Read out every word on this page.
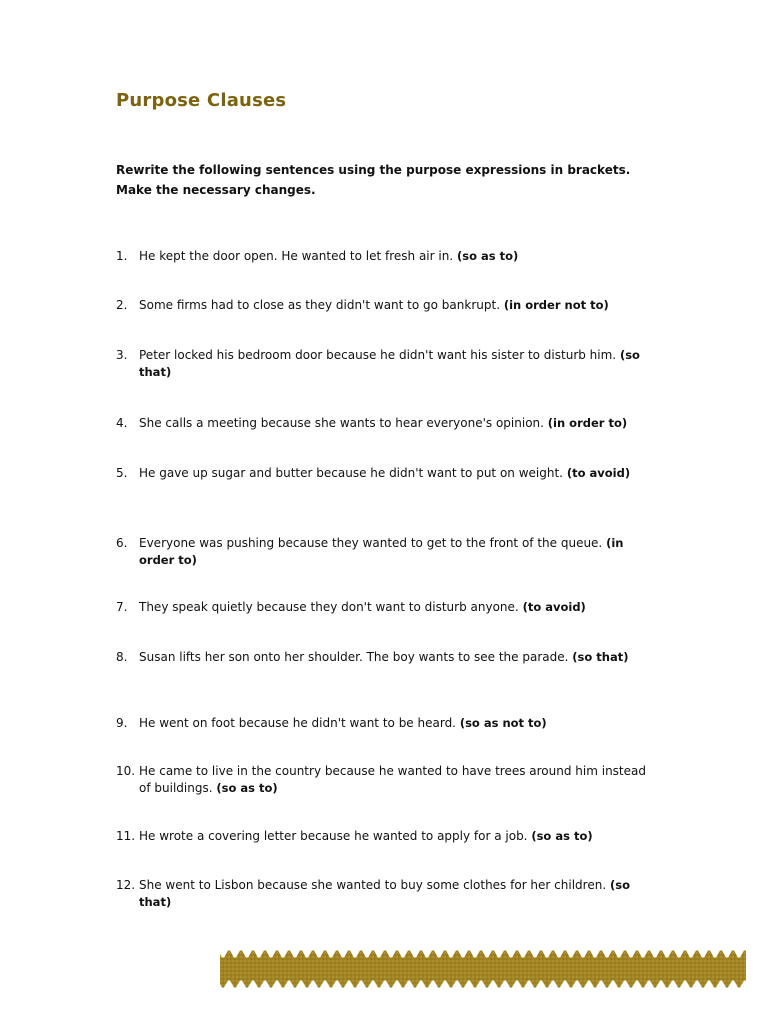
Purpose Clauses
Rewrite the following sentences using the purpose expressions in brackets. Make the necessary changes.
1. He kept the door open. He wanted to let fresh air in. (so as to)
2. Some firms had to close as they didn't want to go bankrupt. (in order not to)
3. Peter locked his bedroom door because he didn't want his sister to disturb him. (so that)
4. She calls a meeting because she wants to hear everyone's opinion. (in order to)
5. He gave up sugar and butter because he didn't want to put on weight. (to avoid)
6. Everyone was pushing because they wanted to get to the front of the queue. (in order to)
7. They speak quietly because they don't want to disturb anyone. (to avoid)
8. Susan lifts her son onto her shoulder. The boy wants to see the parade. (so that)
9. He went on foot because he didn't want to be heard. (so as not to)
10. He came to live in the country because he wanted to have trees around him instead of buildings. (so as to)
11. He wrote a covering letter because he wanted to apply for a job. (so as to)
12. She went to Lisbon because she wanted to buy some clothes for her children. (so that)
